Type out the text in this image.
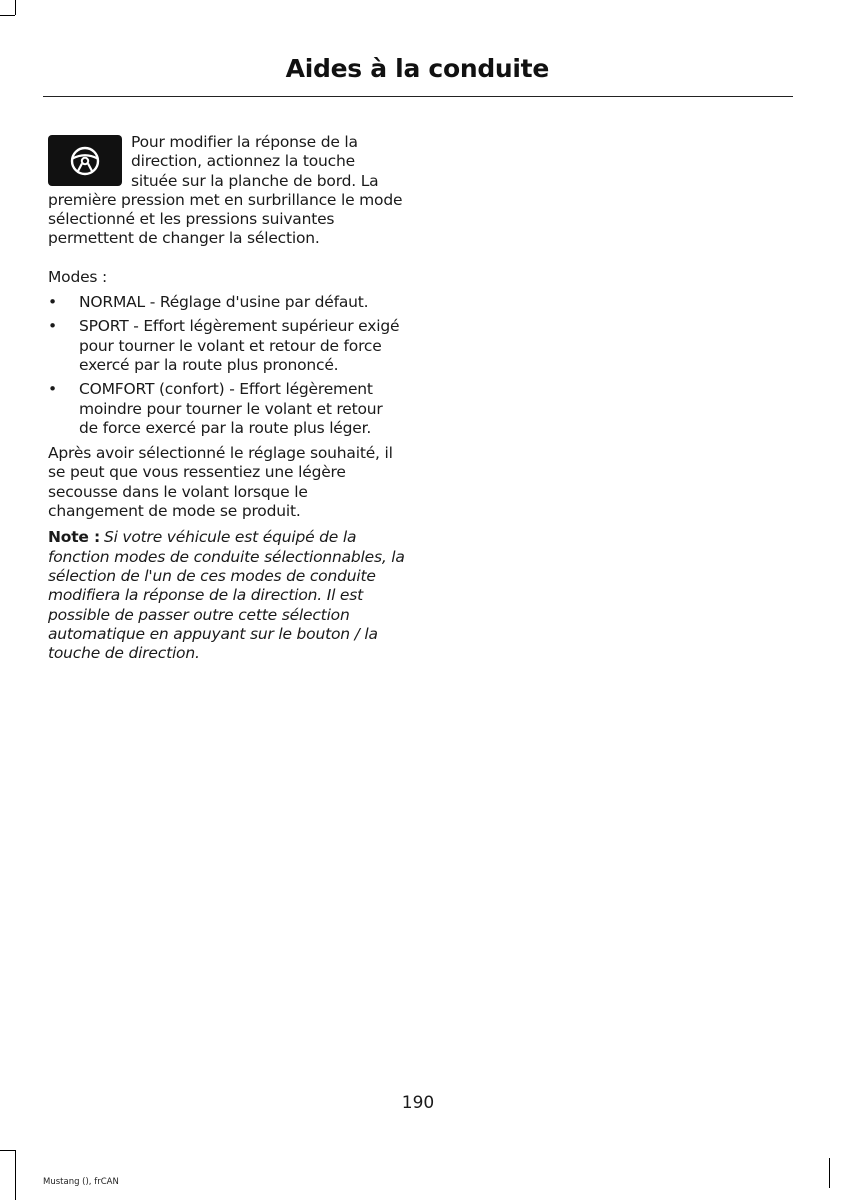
Aides à la conduite

Pour modifier la réponse de la direction, actionnez la touche située sur la planche de bord. La première pression met en surbrillance le mode sélectionné et les pressions suivantes permettent de changer la sélection.

Modes :

• NORMAL - Réglage d'usine par défaut.
• SPORT - Effort légèrement supérieur exigé pour tourner le volant et retour de force exercé par la route plus prononcé.
• COMFORT (confort) - Effort légèrement moindre pour tourner le volant et retour de force exercé par la route plus léger.

Après avoir sélectionné le réglage souhaité, il se peut que vous ressentiez une légère secousse dans le volant lorsque le changement de mode se produit.

Note : Si votre véhicule est équipé de la fonction modes de conduite sélectionnables, la sélection de l'un de ces modes de conduite modifiera la réponse de la direction. Il est possible de passer outre cette sélection automatique en appuyant sur le bouton / la touche de direction.

190
Mustang (), frCAN
